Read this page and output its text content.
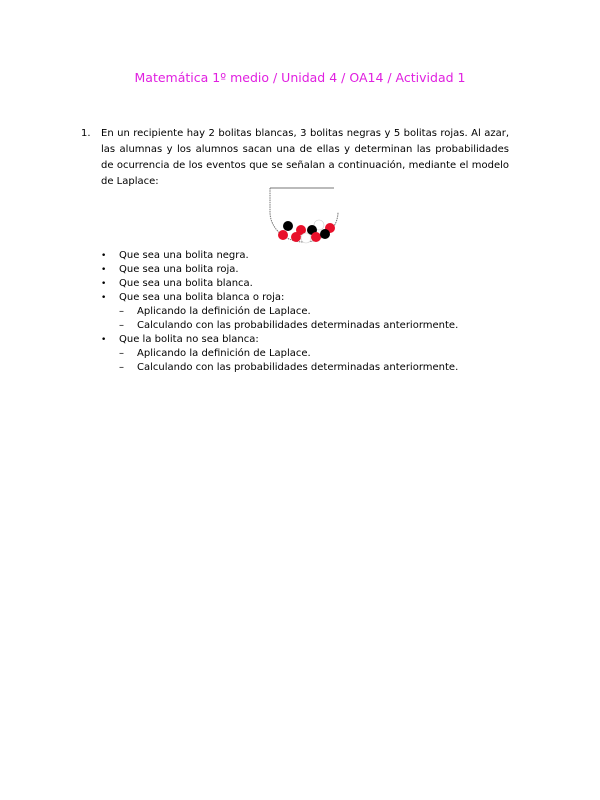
Matemática 1º medio / Unidad 4 / OA14 / Actividad 1
1. En un recipiente hay 2 bolitas blancas, 3 bolitas negras y 5 bolitas rojas. Al azar, las alumnas y los alumnos sacan una de ellas y determinan las probabilidades de ocurrencia de los eventos que se señalan a continuación, mediante el modelo de Laplace:
• Que sea una bolita negra.
• Que sea una bolita roja.
• Que sea una bolita blanca.
• Que sea una bolita blanca o roja:
– Aplicando la definición de Laplace.
– Calculando con las probabilidades determinadas anteriormente.
• Que la bolita no sea blanca:
– Aplicando la definición de Laplace.
– Calculando con las probabilidades determinadas anteriormente.
